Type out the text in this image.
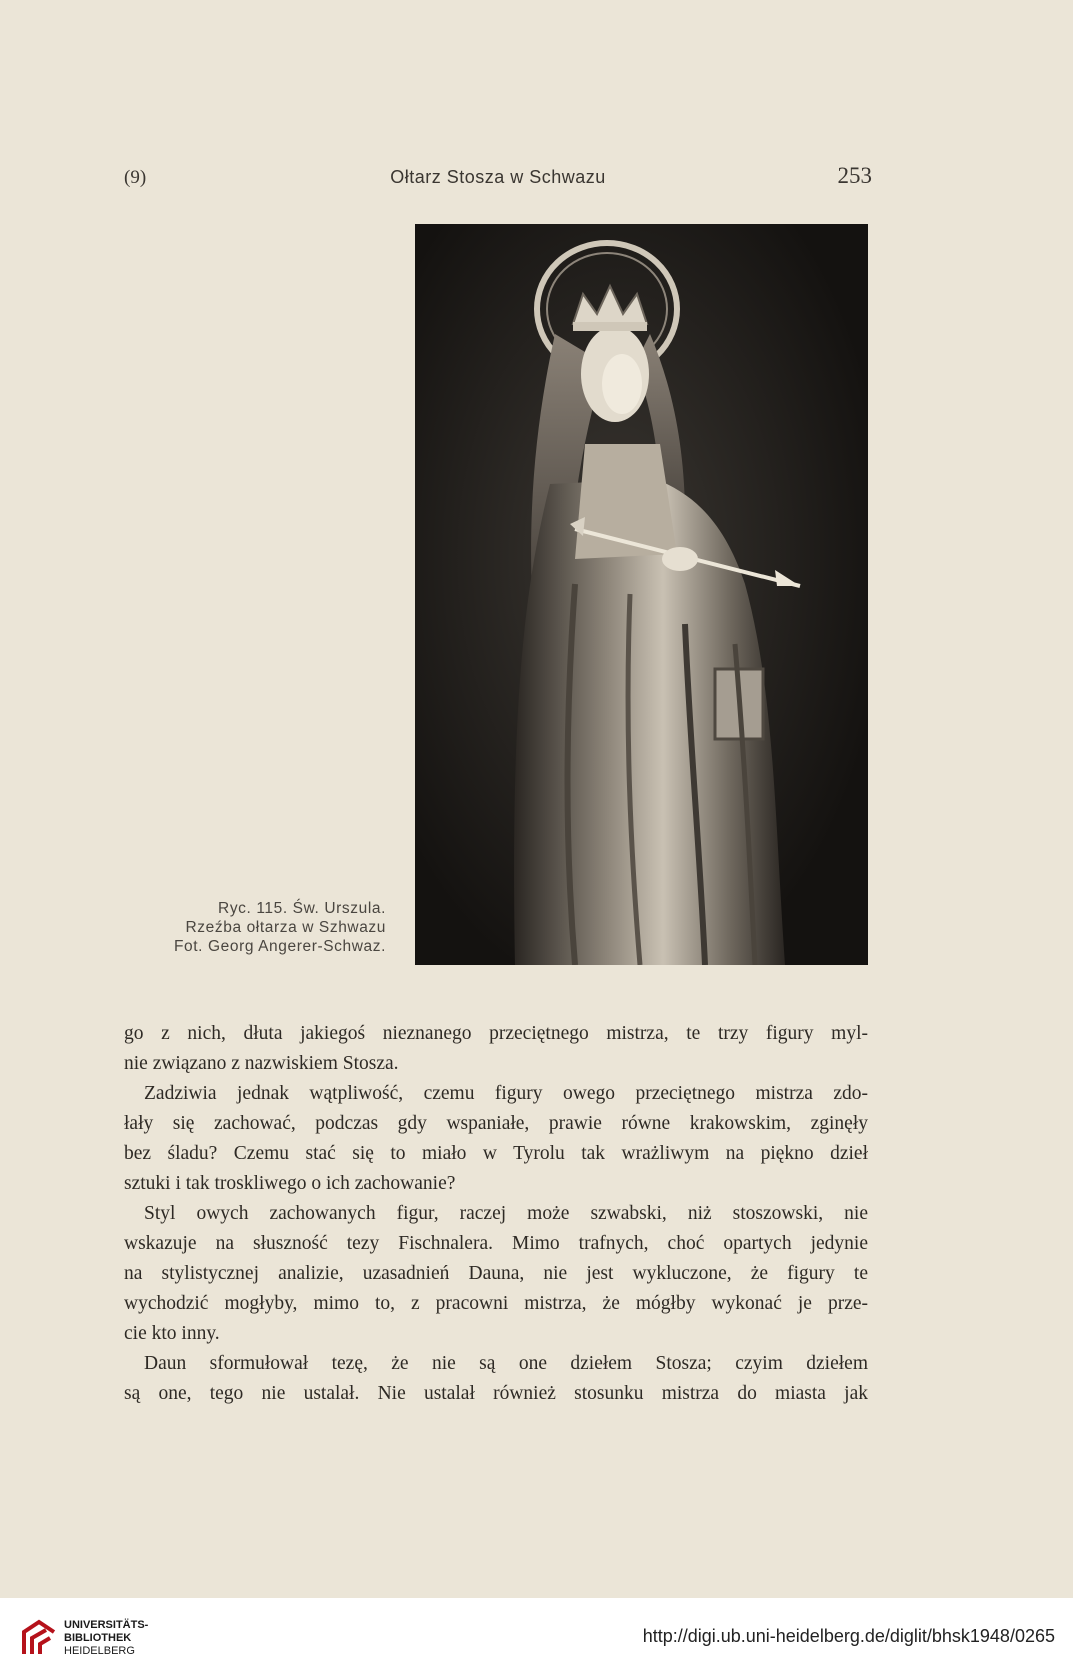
(9)	Ołtarz Stosza w Schwazu	253
Ryc. 115. Św. Urszula.
Rzeźba ołtarza w Szhwazu
Fot. Georg Angerer-Schwaz.

go z nich, dłuta jakiegoś nieznanego przeciętnego mistrza, te trzy figury myl-
nie związano z nazwiskiem Stosza.

Zadziwia jednak wątpliwość, czemu figury owego przeciętnego mistrza zdo-
łały się zachować, podczas gdy wspaniałe, prawie równe krakowskim, zginęły
bez śladu? Czemu stać się to miało w Tyrolu tak wrażliwym na piękno dzieł
sztuki i tak troskliwego o ich zachowanie?

Styl owych zachowanych figur, raczej może szwabski, niż stoszowski, nie
wskazuje na słuszność tezy Fischnalera. Mimo trafnych, choć opartych jedynie
na stylistycznej analizie, uzasadnień Dauna, nie jest wykluczone, że figury te
wychodzić mogłyby, mimo to, z pracowni mistrza, że mógłby wykonać je prze-
cie kto inny.

Daun sformułował tezę, że nie są one dziełem Stosza; czyim dziełem
są one, tego nie ustalał. Nie ustalał również stosunku mistrza do miasta jak

UNIVERSITÄTS-
BIBLIOTHEK
HEIDELBERG
http://digi.ub.uni-heidelberg.de/diglit/bhsk1948/0265
